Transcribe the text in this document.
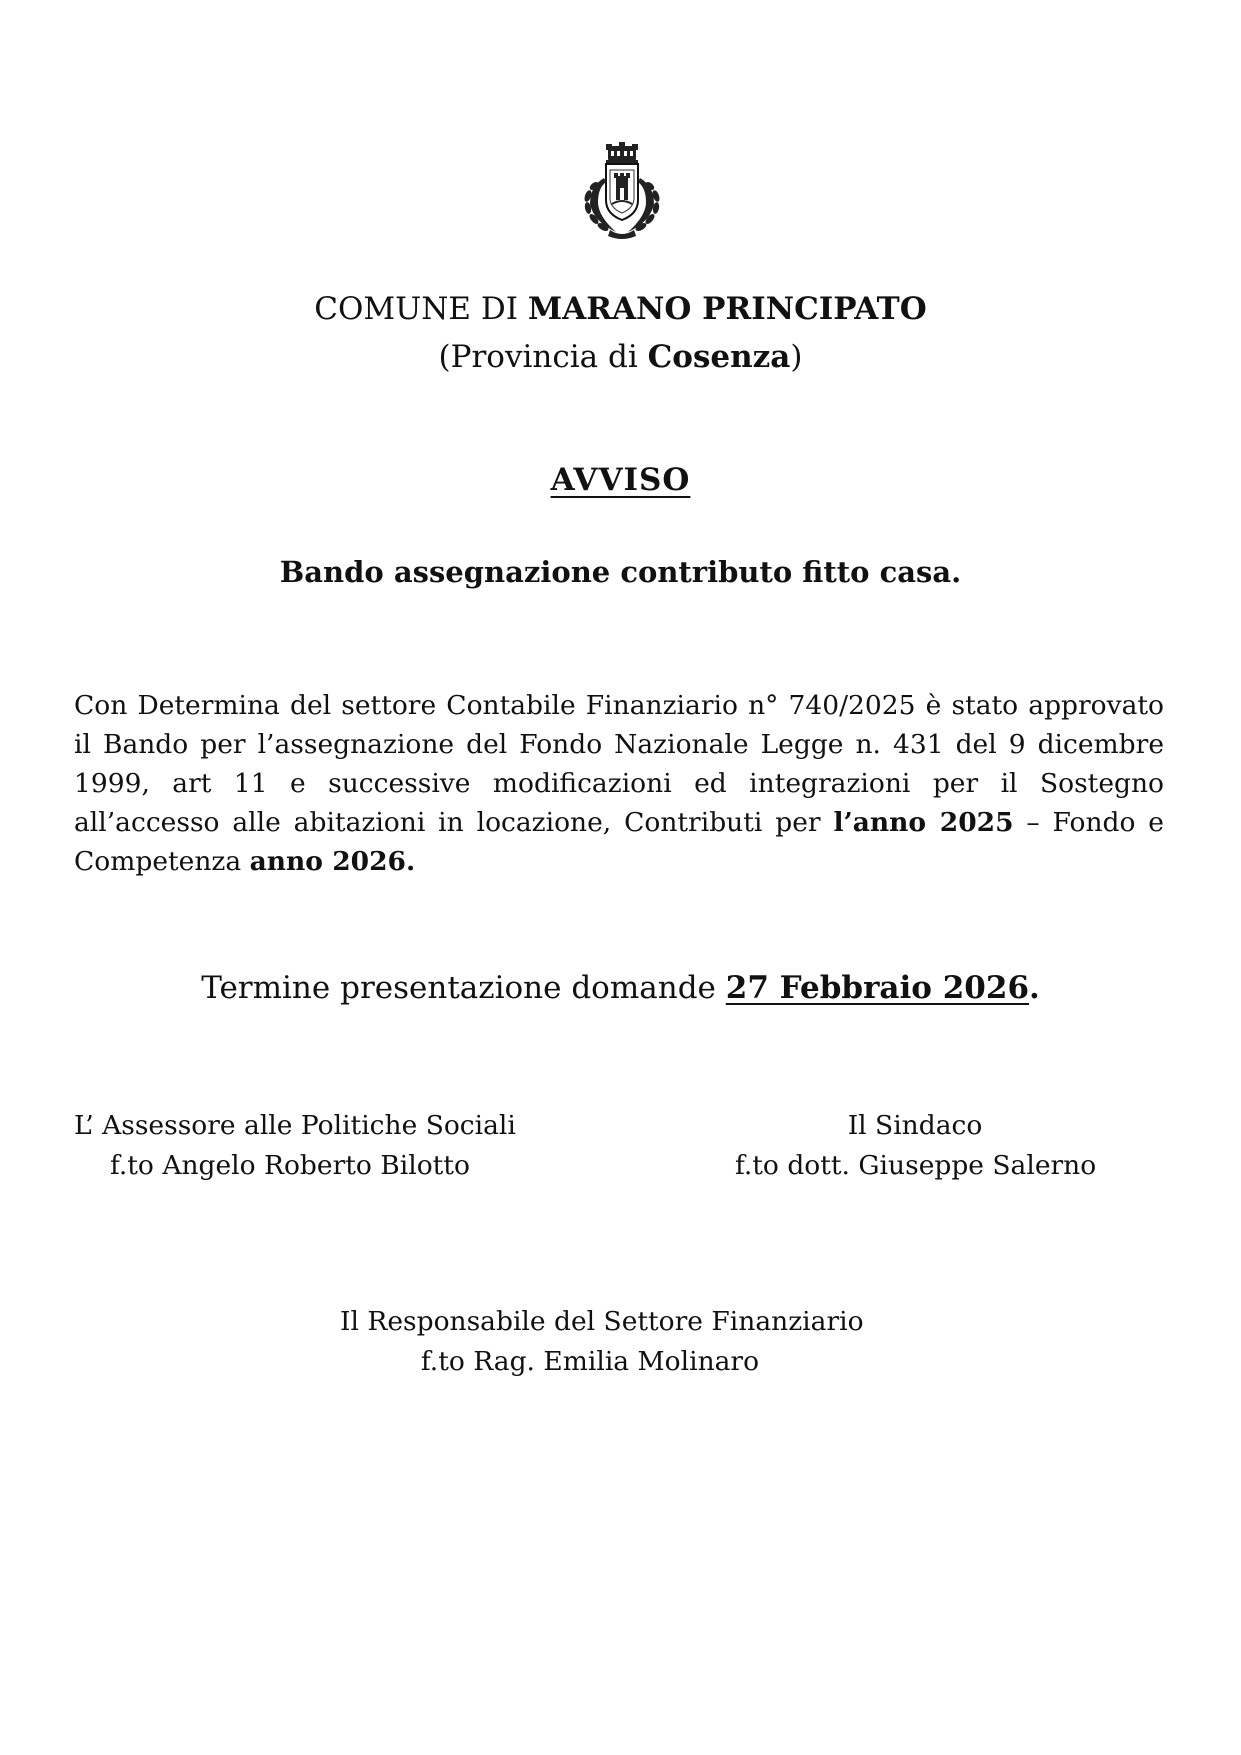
COMUNE DI MARANO PRINCIPATO
(Provincia di Cosenza)
AVVISO
Bando assegnazione contributo fitto casa.
Con Determina del settore Contabile Finanziario n° 740/2025 è stato approvato il Bando per l’assegnazione del Fondo Nazionale Legge n. 431 del 9 dicembre 1999, art 11 e successive modificazioni ed integrazioni per il Sostegno all’accesso alle abitazioni in locazione, Contributi per l’anno 2025 – Fondo e Competenza anno 2026.
Termine presentazione domande 27 Febbraio 2026.
L’ Assessore alle Politiche Sociali
f.to Angelo Roberto Bilotto
Il Sindaco
f.to dott. Giuseppe Salerno
Il Responsabile del Settore Finanziario
f.to Rag. Emilia Molinaro
